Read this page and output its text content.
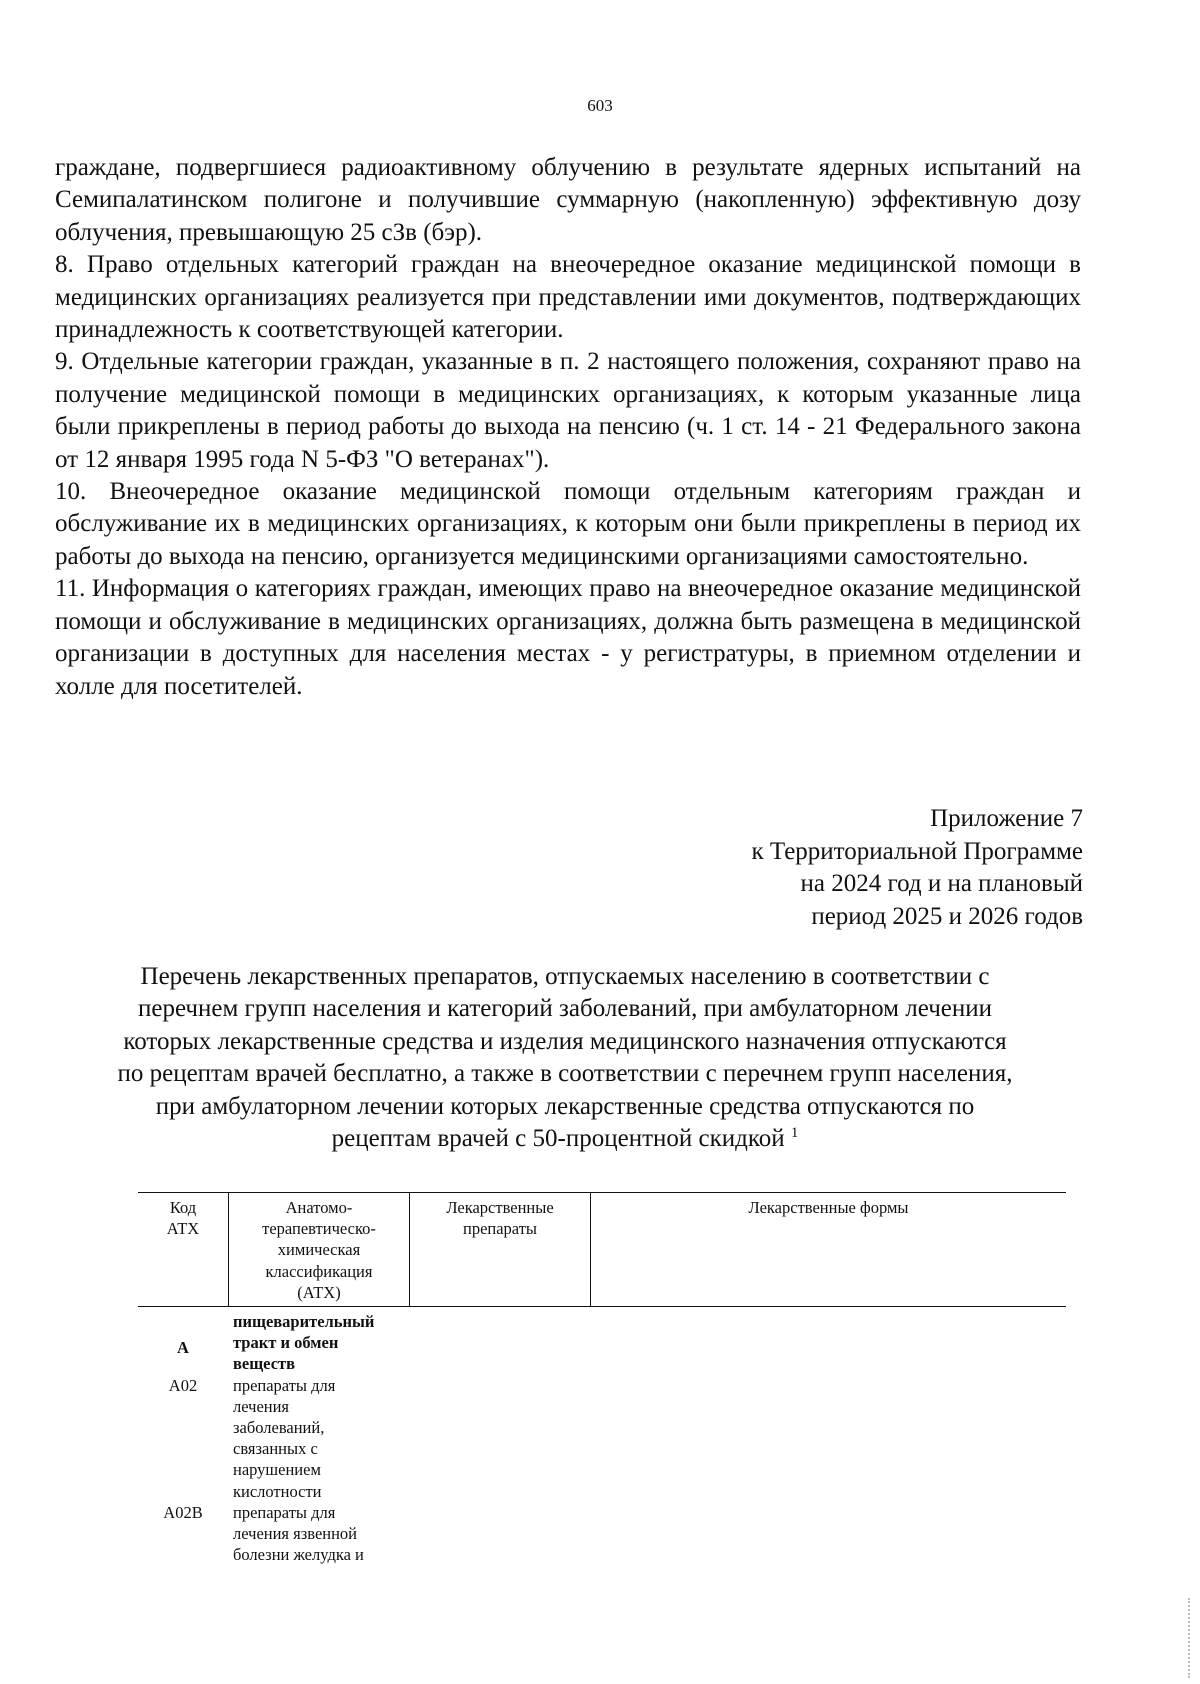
603

граждане, подвергшиеся радиоактивному облучению в результате ядерных испытаний на Семипалатинском полигоне и получившие суммарную (накопленную) эффективную дозу облучения, превышающую 25 сЗв (бэр).

8. Право отдельных категорий граждан на внеочередное оказание медицинской помощи в медицинских организациях реализуется при представлении ими документов, подтверждающих принадлежность к соответствующей категории.

9. Отдельные категории граждан, указанные в п. 2 настоящего положения, сохраняют право на получение медицинской помощи в медицинских организациях, к которым указанные лица были прикреплены в период работы до выхода на пенсию (ч. 1 ст. 14 - 21 Федерального закона от 12 января 1995 года N 5-ФЗ "О ветеранах").

10. Внеочередное оказание медицинской помощи отдельным категориям граждан и обслуживание их в медицинских организациях, к которым они были прикреплены в период их работы до выхода на пенсию, организуется медицинскими организациями самостоятельно.

11. Информация о категориях граждан, имеющих право на внеочередное оказание медицинской помощи и обслуживание в медицинских организациях, должна быть размещена в медицинской организации в доступных для населения местах - у регистратуры, в приемном отделении и холле для посетителей.

Приложение 7
к Территориальной Программе
на 2024 год и на плановый
период 2025 и 2026 годов
Перечень лекарственных препаратов, отпускаемых населению в соответствии с
перечнем групп населения и категорий заболеваний, при амбулаторном лечении
которых лекарственные средства и изделия медицинского назначения отпускаются
по рецептам врачей бесплатно, а также в соответствии с перечнем групп населения,
при амбулаторном лечении которых лекарственные средства отпускаются по
рецептам врачей с 50-процентной скидкой $^1$
Код
АТХ
Анатомо-
терапевтическо-
химическая
классификация
(АТХ)
Лекарственные
препараты
Лекарственные формы
A
пищеварительный
тракт и обмен
веществ
A02	препараты для
лечения
заболеваний,
связанных с
нарушением
кислотности
A02B	препараты для
лечения язвенной
болезни желудка и
